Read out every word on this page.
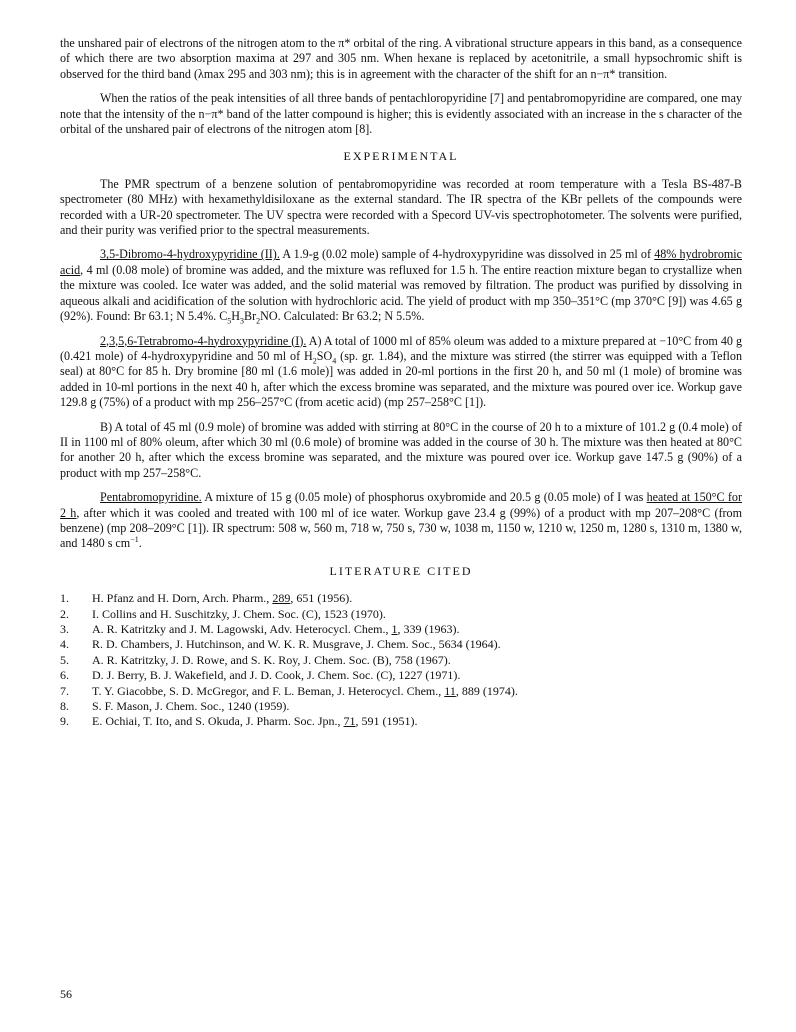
the unshared pair of electrons of the nitrogen atom to the π* orbital of the ring. A vibrational structure appears in this band, as a consequence of which there are two absorption maxima at 297 and 305 nm. When hexane is replaced by acetonitrile, a small hypsochromic shift is observed for the third band (λmax 295 and 303 nm); this is in agreement with the character of the shift for an n−π* transition.

When the ratios of the peak intensities of all three bands of pentachloropyridine [7] and pentabromopyridine are compared, one may note that the intensity of the n−π* band of the latter compound is higher; this is evidently associated with an increase in the s character of the orbital of the unshared pair of electrons of the nitrogen atom [8].

EXPERIMENTAL

The PMR spectrum of a benzene solution of pentabromopyridine was recorded at room temperature with a Tesla BS-487-B spectrometer (80 MHz) with hexamethyldisiloxane as the external standard. The IR spectra of the KBr pellets of the compounds were recorded with a UR-20 spectrometer. The UV spectra were recorded with a Specord UV-vis spectrophotometer. The solvents were purified, and their purity was verified prior to the spectral measurements.

3,5-Dibromo-4-hydroxypyridine (II). A 1.9-g (0.02 mole) sample of 4-hydroxypyridine was dissolved in 25 ml of 48% hydrobromic acid, 4 ml (0.08 mole) of bromine was added, and the mixture was refluxed for 1.5 h. The entire reaction mixture began to crystallize when the mixture was cooled. Ice water was added, and the solid material was removed by filtration. The product was purified by dissolving in aqueous alkali and acidification of the solution with hydrochloric acid. The yield of product with mp 350–351°C (mp 370°C [9]) was 4.65 g (92%). Found: Br 63.1; N 5.4%. $C_5H_3Br_2NO$. Calculated: Br 63.2; N 5.5%.

2,3,5,6-Tetrabromo-4-hydroxypyridine (I). A) A total of 1000 ml of 85% oleum was added to a mixture prepared at −10°C from 40 g (0.421 mole) of 4-hydroxypyridine and 50 ml of $H_2SO_4$ (sp. gr. 1.84), and the mixture was stirred (the stirrer was equipped with a Teflon seal) at 80°C for 85 h. Dry bromine [80 ml (1.6 mole)] was added in 20-ml portions in the first 20 h, and 50 ml (1 mole) of bromine was added in 10-ml portions in the next 40 h, after which the excess bromine was separated, and the mixture was poured over ice. Workup gave 129.8 g (75%) of a product with mp 256–257°C (from acetic acid) (mp 257–258°C [1]).

B) A total of 45 ml (0.9 mole) of bromine was added with stirring at 80°C in the course of 20 h to a mixture of 101.2 g (0.4 mole) of II in 1100 ml of 80% oleum, after which 30 ml (0.6 mole) of bromine was added in the course of 30 h. The mixture was then heated at 80°C for another 20 h, after which the excess bromine was separated, and the mixture was poured over ice. Workup gave 147.5 g (90%) of a product with mp 257–258°C.

Pentabromopyridine. A mixture of 15 g (0.05 mole) of phosphorus oxybromide and 20.5 g (0.05 mole) of I was heated at 150°C for 2 h, after which it was cooled and treated with 100 ml of ice water. Workup gave 23.4 g (99%) of a product with mp 207–208°C (from benzene) (mp 208–209°C [1]). IR spectrum: 508 w, 560 m, 718 w, 750 s, 730 w, 1038 m, 1150 w, 1210 w, 1250 m, 1280 s, 1310 m, 1380 w, and 1480 s $cm^{-1}$.

LITERATURE CITED
1.	H. Pfanz and H. Dorn, Arch. Pharm., 289, 651 (1956).
2.	I. Collins and H. Suschitzky, J. Chem. Soc. (C), 1523 (1970).
3.	A. R. Katritzky and J. M. Lagowski, Adv. Heterocycl. Chem., 1, 339 (1963).
4.	R. D. Chambers, J. Hutchinson, and W. K. R. Musgrave, J. Chem. Soc., 5634 (1964).
5.	A. R. Katritzky, J. D. Rowe, and S. K. Roy, J. Chem. Soc. (B), 758 (1967).
6.	D. J. Berry, B. J. Wakefield, and J. D. Cook, J. Chem. Soc. (C), 1227 (1971).
7.	T. Y. Giacobbe, S. D. McGregor, and F. L. Beman, J. Heterocycl. Chem., 11, 889 (1974).
8.	S. F. Mason, J. Chem. Soc., 1240 (1959).
9.	E. Ochiai, T. Ito, and S. Okuda, J. Pharm. Soc. Jpn., 71, 591 (1951).
56
